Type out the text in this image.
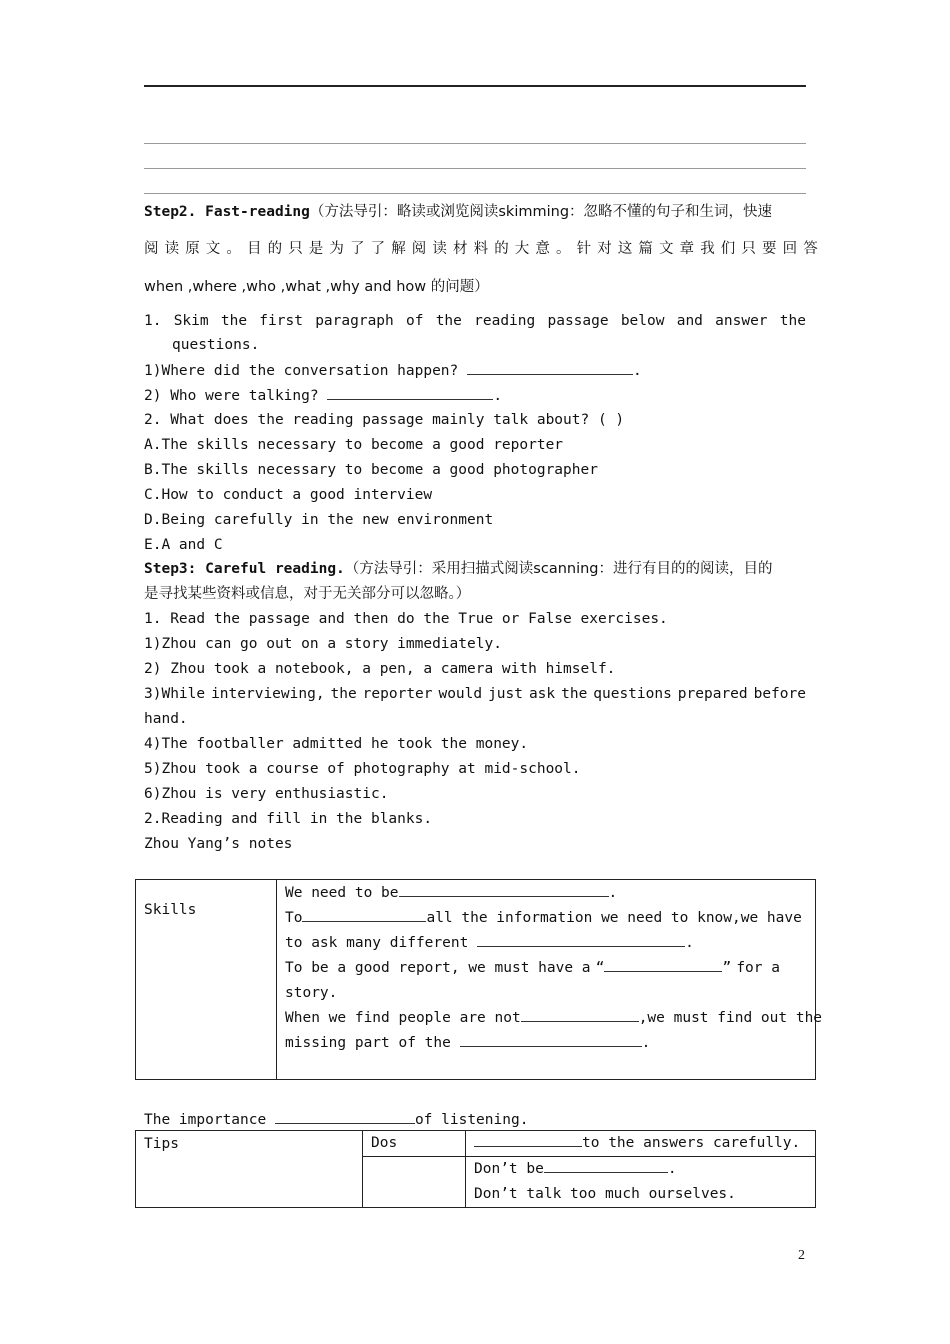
Step2. Fast-reading（方法导引：略读或浏览阅读skimming：忽略不懂的句子和生词，快速
阅读原文。目的只是为了了解阅读材料的大意。针对这篇文章我们只要回答
when ,where ,who ,what ,why and how 的问题）
1. Skim the first paragraph of the reading passage below and answer the
questions.
1)Where did the conversation happen?	.
2) Who were talking?	.
2. What does the reading passage mainly talk about? ( )
A.The skills necessary to become a good reporter
B.The skills necessary to become a good photographer
C.How to conduct a good interview
D.Being carefully in the new environment
E.A and C
Step3: Careful reading.（方法导引：采用扫描式阅读scanning：进行有目的的阅读，目的
是寻找某些资料或信息，对于无关部分可以忽略。）
1. Read the passage and then do the True or False exercises.
1)Zhou can go out on a story immediately.
2) Zhou took a notebook, a pen, a camera with himself.
3)While interviewing, the reporter would just ask the questions prepared before
hand.
4)The footballer admitted he took the money.
5)Zhou took a course of photography at mid-school.
6)Zhou is very enthusiastic.
2.Reading and fill in the blanks.
Zhou Yang’s notes
Skills

We need to be	.
To	all the information we need to know,we have
to ask many different	.
To be a good report, we must have a “	” for a
story.
When we find people are not	,we must find out the
missing part of the	.
The importance	of listening.
Tips	Dos	to the answers carefully.

		Don’t be .
Don’t talk too much ourselves.
2
